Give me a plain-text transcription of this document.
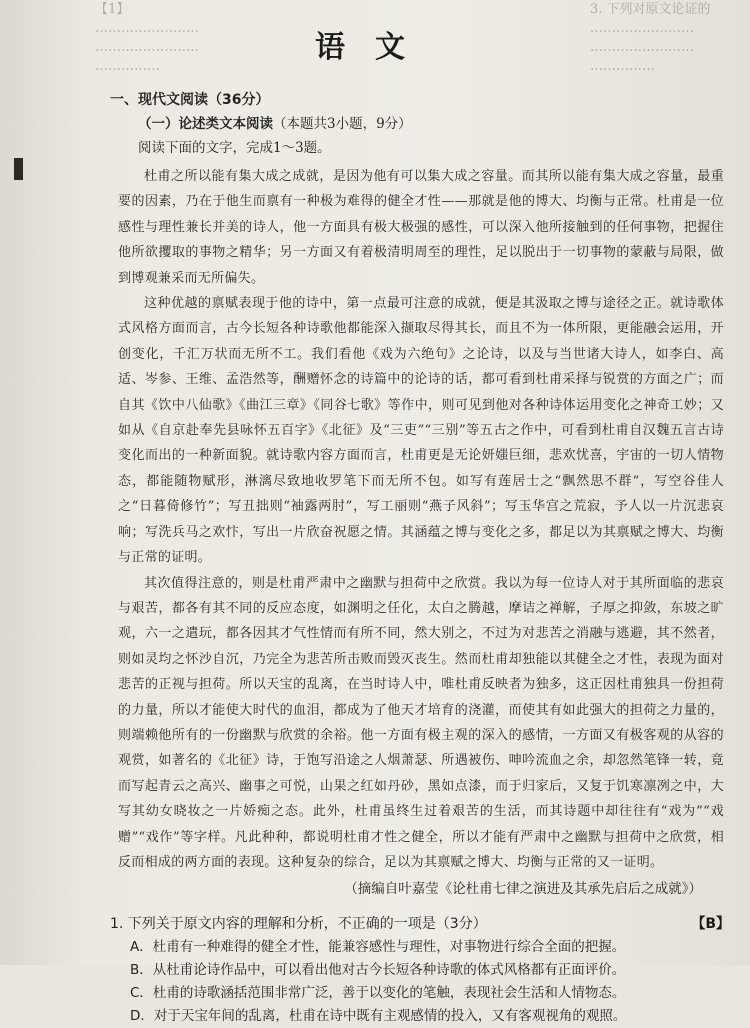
【1】
……………………
……………………
……………
3. 下列对原文论证的
……………………
……………………
……………
语文
一、现代文阅读（36分）
（一）论述类文本阅读（本题共3小题，9分）
阅读下面的文字，完成1～3题。

杜甫之所以能有集大成之成就，是因为他有可以集大成之容量。而其所以能有集大成之容量，最重要的因素，乃在于他生而禀有一种极为难得的健全才性——那就是他的博大、均衡与正常。杜甫是一位感性与理性兼长并美的诗人，他一方面具有极大极强的感性，可以深入他所接触到的任何事物，把握住他所欲攫取的事物之精华；另一方面又有着极清明周至的理性，足以脱出于一切事物的蒙蔽与局限，做到博观兼采而无所偏失。

这种优越的禀赋表现于他的诗中，第一点最可注意的成就，便是其汲取之博与途径之正。就诗歌体式风格方面而言，古今长短各种诗歌他都能深入撷取尽得其长，而且不为一体所限，更能融会运用，开创变化，千汇万状而无所不工。我们看他《戏为六绝句》之论诗，以及与当世诸大诗人，如李白、高适、岑参、王维、孟浩然等，酬赠怀念的诗篇中的论诗的话，都可看到杜甫采择与锐赏的方面之广；而自其《饮中八仙歌》《曲江三章》《同谷七歌》等作中，则可见到他对各种诗体运用变化之神奇工妙；又如从《自京赴奉先县咏怀五百字》《北征》及“三吏”“三别”等五古之作中，可看到杜甫自汉魏五言古诗变化而出的一种新面貌。就诗歌内容方面而言，杜甫更是无论妍媸巨细，悲欢忧喜，宇宙的一切人情物态，都能随物赋形，淋漓尽致地收罗笔下而无所不包。如写有莲居士之“飘然思不群”，写空谷佳人之“日暮倚修竹”；写丑拙则“袖露两肘”，写工丽则“燕子风斜”；写玉华宫之荒寂，予人以一片沉悲哀响；写洗兵马之欢忭，写出一片欣奋祝愿之情。其涵蕴之博与变化之多，都足以为其禀赋之博大、均衡与正常的证明。

其次值得注意的，则是杜甫严肃中之幽默与担荷中之欣赏。我以为每一位诗人对于其所面临的悲哀与艰苦，都各有其不同的反应态度，如渊明之任化，太白之腾越，摩诘之禅解，子厚之抑敛，东坡之旷观，六一之遣玩，都各因其才气性情而有所不同，然大别之，不过为对悲苦之消融与逃避，其不然者，则如灵均之怀沙自沉，乃完全为悲苦所击败而毁灭丧生。然而杜甫却独能以其健全之才性，表现为面对悲苦的正视与担荷。所以天宝的乱离，在当时诗人中，唯杜甫反映者为独多，这正因杜甫独具一份担荷的力量，所以才能使大时代的血泪，都成为了他天才培育的浇灌，而使其有如此强大的担荷之力量的，则端赖他所有的一份幽默与欣赏的余裕。他一方面有极主观的深入的感情，一方面又有极客观的从容的观赏，如著名的《北征》诗，于饱写沿途之人烟萧瑟、所遇被伤、呻吟流血之余，却忽然笔锋一转，竟而写起青云之高兴、幽事之可悦，山果之红如丹砂，黑如点漆，而于归家后，又复于饥寒凛冽之中，大写其幼女晓妆之一片娇痴之态。此外，杜甫虽终生过着艰苦的生活，而其诗题中却往往有“戏为”“戏赠”“戏作”等字样。凡此种种，都说明杜甫才性之健全，所以才能有严肃中之幽默与担荷中之欣赏，相反而相成的两方面的表现。这种复杂的综合，足以为其禀赋之博大、均衡与正常的又一证明。

（摘编自叶嘉莹《论杜甫七律之演进及其承先启后之成就》）
1. 下列关于原文内容的理解和分析，不正确的一项是（3分）	【B】
A．杜甫有一种难得的健全才性，能兼容感性与理性，对事物进行综合全面的把握。
B．从杜甫论诗作品中，可以看出他对古今长短各种诗歌的体式风格都有正面评价。
C．杜甫的诗歌涵括范围非常广泛，善于以变化的笔触，表现社会生活和人情物态。
D．对于天宝年间的乱离，杜甫在诗中既有主观感情的投入，又有客观视角的观照。
